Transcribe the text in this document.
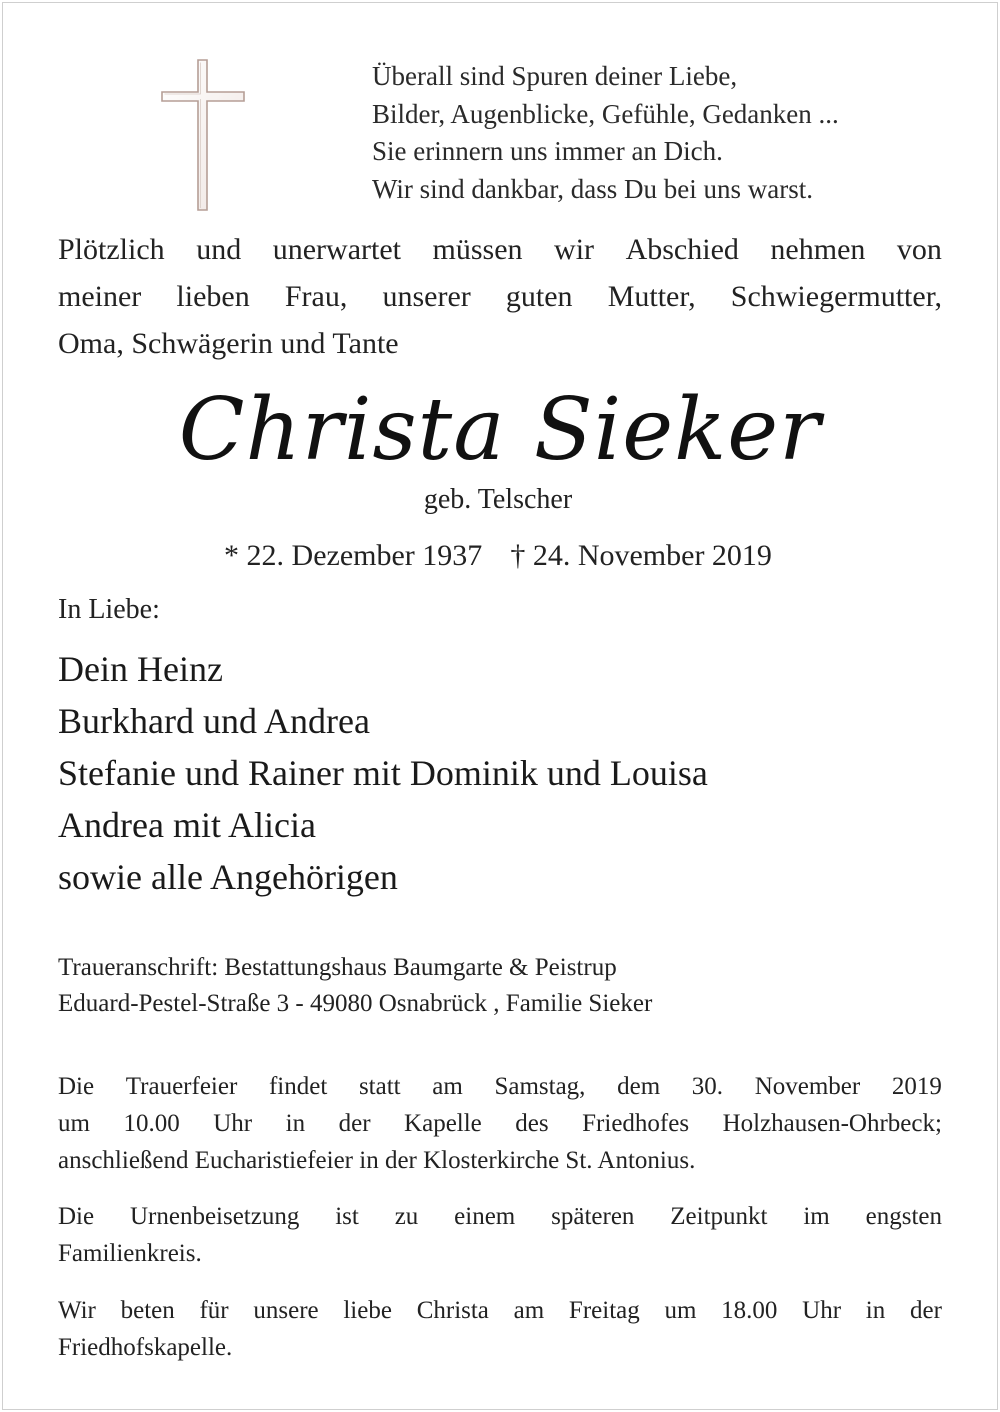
Überall sind Spuren deiner Liebe,
Bilder, Augenblicke, Gefühle, Gedanken ...
Sie erinnern uns immer an Dich.
Wir sind dankbar, dass Du bei uns warst.
Plötzlich und unerwartet müssen wir Abschied nehmen von
meiner lieben Frau, unserer guten Mutter, Schwiegermutter,
Oma, Schwägerin und Tante
Christa Sieker
geb. Telscher
* 22. Dezember 1937 † 24. November 2019
In Liebe:
Dein Heinz
Burkhard und Andrea
Stefanie und Rainer mit Dominik und Louisa
Andrea mit Alicia
sowie alle Angehörigen
Traueranschrift: Bestattungshaus Baumgarte & Peistrup
Eduard-Pestel-Straße 3 - 49080 Osnabrück , Familie Sieker
Die Trauerfeier findet statt am Samstag, dem 30. November 2019
um 10.00 Uhr in der Kapelle des Friedhofes Holzhausen-Ohrbeck;
anschließend Eucharistiefeier in der Klosterkirche St. Antonius.
Die Urnenbeisetzung ist zu einem späteren Zeitpunkt im engsten
Familienkreis.
Wir beten für unsere liebe Christa am Freitag um 18.00 Uhr in der
Friedhofskapelle.
